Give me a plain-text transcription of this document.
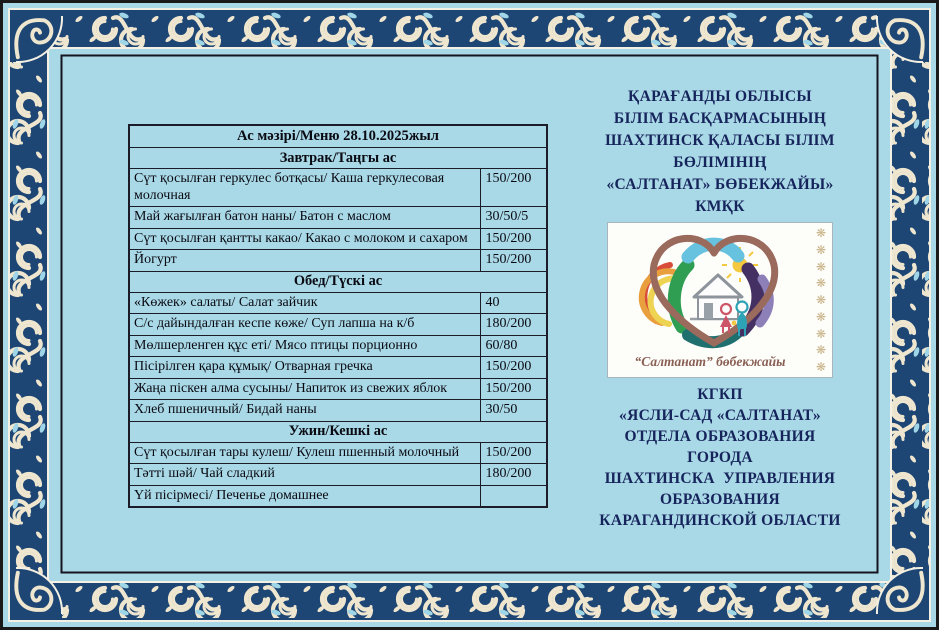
Ас мәзірі/Меню 28.10.2025жыл	
Завтрак/Таңгы ас	
Сүт қосылған геркулес ботқасы/ Каша геркулесовая молочная	150/200
Май жағылған батон наны/ Батон с маслом	30/50/5
Сүт қосылған қантты какао/ Какао с молоком и сахаром	150/200
Йогурт	150/200
Обед/Түскі ас	
«Көжек» салаты/ Салат зайчик	40
С/с дайындалған кеспе көже/ Суп лапша на к/б	180/200
Мөлшерленген құс еті/ Мясо птицы порционно	60/80
Пісірілген қара құмық/ Отварная гречка	150/200
Жаңа піскен алма сусыны/ Напиток из свежих яблок	150/200
Хлеб пшеничный/ Бидай наны	30/50
Ужин/Кешкі ас	
Сүт қосылған тары кулеш/ Кулеш пшенный молочный	150/200
Тәтті шәй/ Чай сладкий	180/200
Үй пісірмесі/ Печенье домашнее	
ҚАРАҒАНДЫ ОБЛЫСЫ
БІЛІМ БАСҚАРМАСЫНЫҢ
ШАХТИНСК ҚАЛАСЫ БІЛІМ
БӨЛІМІНІҢ
«САЛТАНАТ» БӨБЕКЖАЙЫ»
КМҚК
❋
❋
❋
❋
❋
❋
❋
❋
❋
“Салтанат” бөбекжайы
КГКП
«ЯСЛИ-САД «САЛТАНАТ»
ОТДЕЛА ОБРАЗОВАНИЯ
ГОРОДА
ШАХТИНСКА  УПРАВЛЕНИЯ
ОБРАЗОВАНИЯ
КАРАГАНДИНСКОЙ ОБЛАСТИ
